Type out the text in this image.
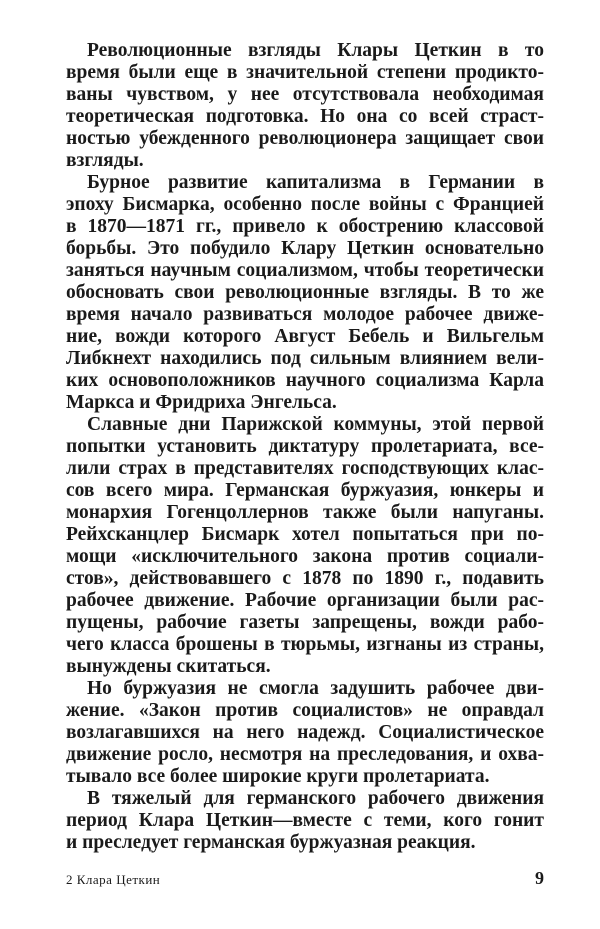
Революционные взгляды Клары Цеткин в то
время были еще в значительной степени продикто-
ваны чувством, у нее отсутствовала необходимая
теоретическая подготовка. Но она со всей страст-
ностью убежденного революционера защищает свои
взгляды.
Бурное развитие капитализма в Германии в
эпоху Бисмарка, особенно после войны с Францией
в 1870—1871 гг., привело к обострению классовой
борьбы. Это побудило Клару Цеткин основательно
заняться научным социализмом, чтобы теоретически
обосновать свои революционные взгляды. В то же
время начало развиваться молодое рабочее движе-
ние, вожди которого Август Бебель и Вильгельм
Либкнехт находились под сильным влиянием вели-
ких основоположников научного социализма Карла
Маркса и Фридриха Энгельса.
Славные дни Парижской коммуны, этой первой
попытки установить диктатуру пролетариата, все-
лили страх в представителях господствующих клас-
сов всего мира. Германская буржуазия, юнкеры и
монархия Гогенцоллернов также были напуганы.
Рейхсканцлер Бисмарк хотел попытаться при по-
мощи «исключительного закона против социали-
стов», действовавшего с 1878 по 1890 г., подавить
рабочее движение. Рабочие организации были рас-
пущены, рабочие газеты запрещены, вожди рабо-
чего класса брошены в тюрьмы, изгнаны из страны,
вынуждены скитаться.
Но буржуазия не смогла задушить рабочее дви-
жение. «Закон против социалистов» не оправдал
возлагавшихся на него надежд. Социалистическое
движение росло, несмотря на преследования, и охва-
тывало все более широкие круги пролетариата.
В тяжелый для германского рабочего движения
период Клара Цеткин—вместе с теми, кого гонит
и преследует германская буржуазная реакция.
2 Клара Цеткин	9
